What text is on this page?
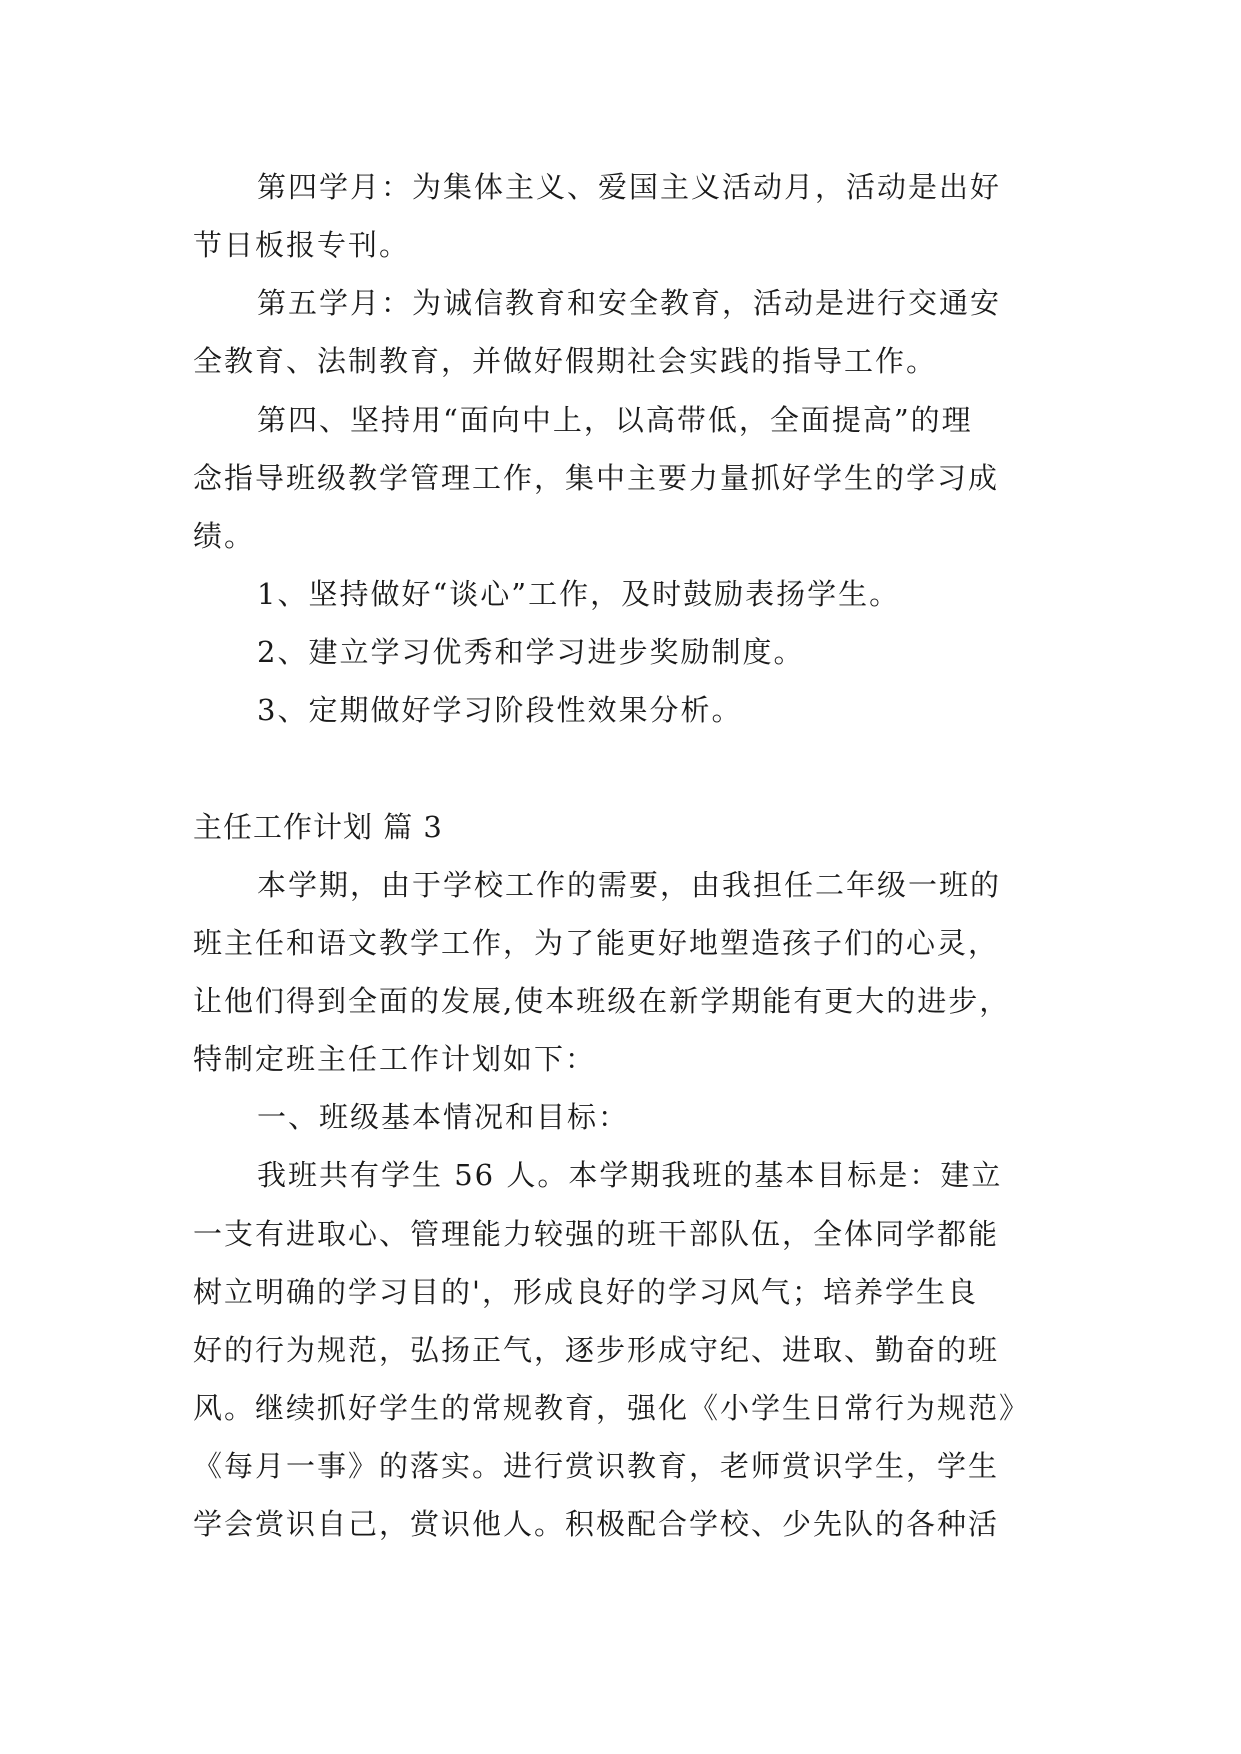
第四学月：为集体主义、爱国主义活动月，活动是出好

节日板报专刊。

第五学月：为诚信教育和安全教育，活动是进行交通安

全教育、法制教育，并做好假期社会实践的指导工作。

第四、坚持用“面向中上，以高带低，全面提高”的理

念指导班级教学管理工作，集中主要力量抓好学生的学习成

绩。

1、坚持做好“谈心”工作，及时鼓励表扬学生。

2、建立学习优秀和学习进步奖励制度。

3、定期做好学习阶段性效果分析。

主任工作计划 篇 3

本学期，由于学校工作的需要，由我担任二年级一班的

班主任和语文教学工作，为了能更好地塑造孩子们的心灵，

让他们得到全面的发展,使本班级在新学期能有更大的进步，

特制定班主任工作计划如下：

一、班级基本情况和目标：

我班共有学生 56 人。本学期我班的基本目标是：建立

一支有进取心、管理能力较强的班干部队伍，全体同学都能

树立明确的学习目的'，形成良好的学习风气；培养学生良

好的行为规范，弘扬正气，逐步形成守纪、进取、勤奋的班

风。继续抓好学生的常规教育，强化《小学生日常行为规范》

《每月一事》的落实。进行赏识教育，老师赏识学生，学生

学会赏识自己，赏识他人。积极配合学校、少先队的各种活
